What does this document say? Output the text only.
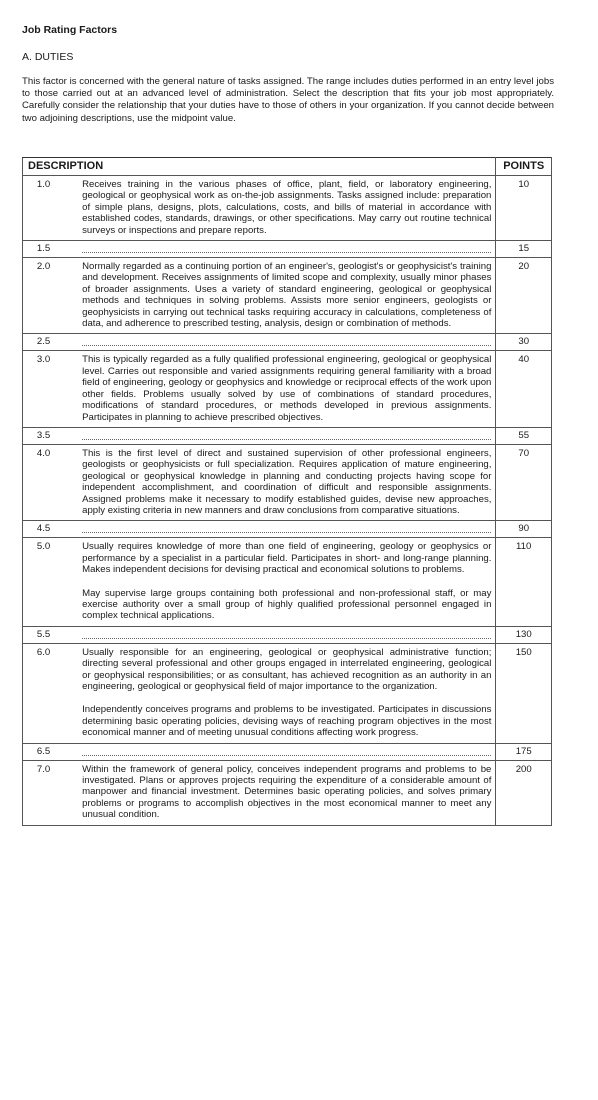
Job Rating Factors
A. DUTIES

This factor is concerned with the general nature of tasks assigned. The range includes duties performed in an entry level jobs to those carried out at an advanced level of administration. Select the description that fits your job most appropriately. Carefully consider the relationship that your duties have to those of others in your organization. If you cannot decide between two adjoining descriptions, use the midpoint value.

DESCRIPTION		POINTS
1.0	Receives training in the various phases of office, plant, field, or laboratory engineering, geological or geophysical work as on-the-job assignments. Tasks assigned include: preparation of simple plans, designs, plots, calculations, costs, and bills of material in accordance with established codes, standards, drawings, or other specifications. May carry out routine technical surveys or inspections and prepare reports.	10
1.5		15
2.0	Normally regarded as a continuing portion of an engineer's, geologist's or geophysicist's training and development. Receives assignments of limited scope and complexity, usually minor phases of broader assignments. Uses a variety of standard engineering, geological or geophysical methods and techniques in solving problems. Assists more senior engineers, geologists or geophysicists in carrying out technical tasks requiring accuracy in calculations, completeness of data, and adherence to prescribed testing, analysis, design or combination of methods.	20
2.5		30
3.0	This is typically regarded as a fully qualified professional engineering, geological or geophysical level. Carries out responsible and varied assignments requiring general familiarity with a broad field of engineering, geology or geophysics and knowledge or reciprocal effects of the work upon other fields. Problems usually solved by use of combinations of standard procedures, modifications of standard procedures, or methods developed in previous assignments. Participates in planning to achieve prescribed objectives.	40
3.5		55
4.0	This is the first level of direct and sustained supervision of other professional engineers, geologists or geophysicists or full specialization. Requires application of mature engineering, geological or geophysical knowledge in planning and conducting projects having scope for independent accomplishment, and coordination of difficult and responsible assignments. Assigned problems make it necessary to modify established guides, devise new approaches, apply existing criteria in new manners and draw conclusions from comparative situations.	70
4.5		90
5.0	Usually requires knowledge of more than one field of engineering, geology or geophysics or performance by a specialist in a particular field. Participates in short- and long-range planning. Makes independent decisions for devising practical and economical solutions to problems.
May supervise large groups containing both professional and non-professional staff, or may exercise authority over a small group of highly qualified professional personnel engaged in complex technical applications.	110
5.5		130
6.0	Usually responsible for an engineering, geological or geophysical administrative function; directing several professional and other groups engaged in interrelated engineering, geological or geophysical responsibilities; or as consultant, has achieved recognition as an authority in an engineering, geological or geophysical field of major importance to the organization.
Independently conceives programs and problems to be investigated. Participates in discussions determining basic operating policies, devising ways of reaching program objectives in the most economical manner and of meeting unusual conditions affecting work progress.	150
6.5		175
7.0	Within the framework of general policy, conceives independent programs and problems to be investigated. Plans or approves projects requiring the expenditure of a considerable amount of manpower and financial investment. Determines basic operating policies, and solves primary problems or programs to accomplish objectives in the most economical manner to meet any unusual condition.	200
